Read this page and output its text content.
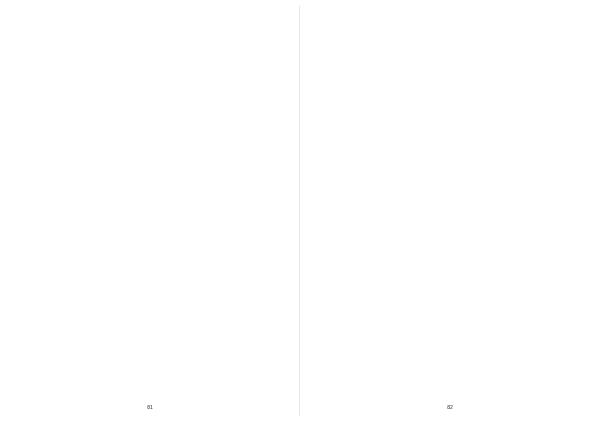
81	82
